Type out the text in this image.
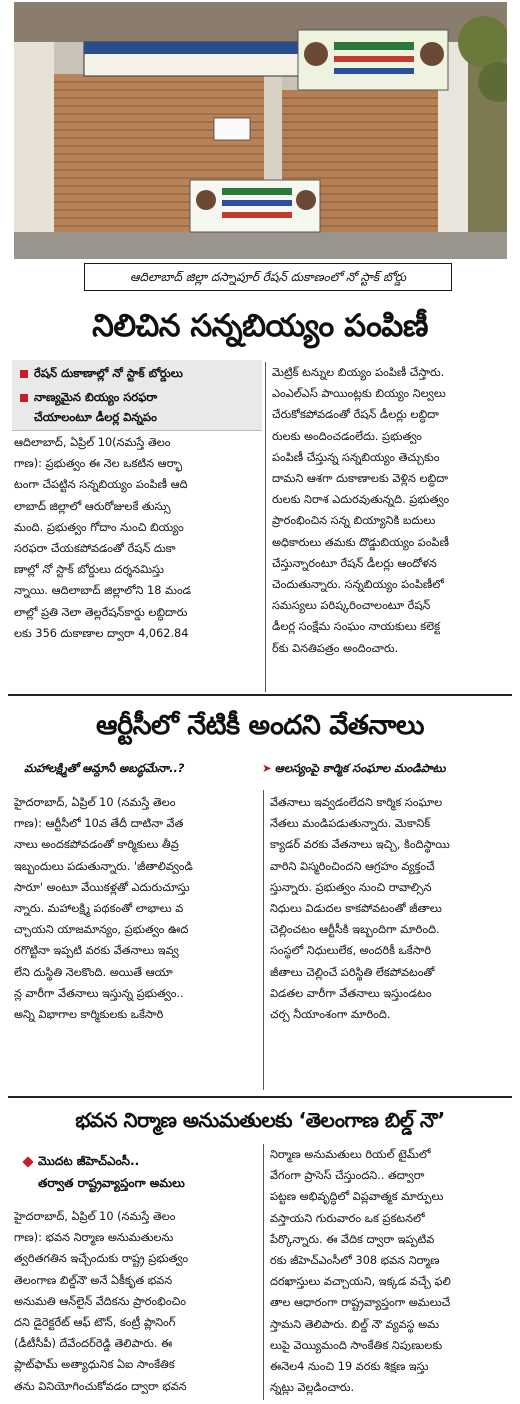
ఆదిలాబాద్ జిల్లా దస్నాపూర్ రేషన్ దుకాణంలో నో స్టాక్ బోర్డు
నిలిచిన సన్నబియ్యం పంపిణీ
రేషన్ దుకాణాల్లో నో స్టాక్ బోర్డులు
నాణ్యమైన బియ్యం సరఫరా
చేయాలంటూ డీలర్ల విన్నపం

ఆదిలాబాద్, ఏప్రిల్ 10(నమస్తే తెలం

గాణ): ప్రభుత్వం ఈ నెల ఒకటిన ఆర్భా

టంగా చేపట్టిన సన్నబియ్యం పంపిణీ ఆది

లాబాద్ జిల్లాలో ఆరురోజులకే తుస్సు

మంది. ప్రభుత్వం గోదాం నుంచి బియ్యం

సరఫరా చేయకపోవడంతో రేషన్ దుకా

ణాల్లో నో స్టాక్ బోర్డులు దర్శనమిస్తు

న్నాయి. ఆదిలాబాద్ జిల్లాలోని 18 మండ

లాల్లో ప్రతి నెలా తెల్లరేషన్‌కార్డు లబ్ధిదారు

లకు 356 దుకాణాల ద్వారా 4,062.84

మెట్రిక్ టన్నుల బియ్యం పంపిణీ చేస్తారు.

ఎంఎల్‌ఎస్ పాయింట్లకు బియ్యం నిల్వలు

చేరుకోకపోవడంతో రేషన్ డీలర్లు లబ్ధిదా

రులకు అందించడంలేదు. ప్రభుత్వం

పంపిణీ చేస్తున్న సన్నబియ్యం తెచ్చుకుం

దామని ఆశగా దుకాణాలకు వెళ్లిన లబ్ధిదా

రులకు నిరాశ ఎదురవుతున్నది. ప్రభుత్వం

ప్రారంభించిన సన్న బియ్యానికి బదులు

అధికారులు తమకు దొడ్డుబియ్యం పంపిణీ

చేస్తున్నారంటూ రేషన్ డీలర్లు ఆందోళన

చెందుతున్నారు. సన్నబియ్యం పంపిణీలో

సమస్యలు పరిష్కరించాలంటూ రేషన్

డీలర్ల సంక్షేమ సంఘం నాయకులు కలెక్ట

ర్‌కు వినతిపత్రం అందించారు.

ఆర్టీసీలో నేటికీ అందని వేతనాలు
మహాలక్ష్మితో ఆమ్దానీ అబద్ధమేనా..?	➤ ఆలస్యంపై కార్మిక సంఘాల మండిపాటు

హైదరాబాద్, ఏప్రిల్ 10 (నమస్తే తెలం

గాణ): ఆర్టీసీలో 10వ తేదీ దాటినా వేత

నాలు అందకపోవడంతో కార్మికులు తీవ్ర

ఇబ్బందులు పడుతున్నారు. 'జీతాలివ్వండి

సారూ' అంటూ వేయికళ్లతో ఎదురుచూస్తు

న్నారు. మహాలక్ష్మి పథకంతో లాభాలు వ

చ్చాయని యాజమాన్యం, ప్రభుత్వం ఊద

రగొట్టినా ఇప్పటి వరకు వేతనాలు ఇవ్వ

లేని దుస్థితి నెలకొంది. అయితే ఆయా

న్ల వారీగా వేతనాలు ఇస్తున్న ప్రభుత్వం..

అన్ని విభాగాల కార్మికులకు ఒకేసారి

వేతనాలు ఇవ్వడంలేదని కార్మిక సంఘాల

నేతలు మండిపడుతున్నారు. మెకానిక్

క్యాడర్ వరకు వేతనాలు ఇచ్చి, కిందిస్థాయి

వారిని విస్మరించిందని ఆగ్రహం వ్యక్తంచే

స్తున్నారు. ప్రభుత్వం నుంచి రావాల్సిన

నిధులు విడుదల కాకపోవటంతో జీతాలు

చెల్లించటం ఆర్టీసీకి ఇబ్బందిగా మారింది.

సంస్థలో నిధులులేక, అందరికీ ఒకేసారి

జీతాలు చెల్లించే పరిస్థితి లేకపోవటంతో

విడతల వారీగా వేతనాలు ఇస్తుండటం

చర్చ నీయాంశంగా మారింది.

భవన నిర్మాణ అనుమతులకు ‘తెలంగాణ బిల్డ్ నౌ’
మొదట జీహెచ్‌ఎంసీ..
తర్వాత రాష్ట్రవ్యాప్తంగా అమలు

హైదరాబాద్, ఏప్రిల్ 10 (నమస్తే తెలం

గాణ): భవన నిర్మాణ అనుమతులను

త్వరితగతిన ఇచ్చేందుకు రాష్ట్ర ప్రభుత్వం

తెలంగాణ బిల్డ్‌నౌ అనే ఏకీకృత భవన

అనుమతి ఆన్‌లైన్ వేదికను ప్రారంభించిం

దని డైరెక్టరేట్ ఆఫ్ టౌన్, కంట్రీ ప్లానింగ్

(డీటీసీపీ) దేవేందర్‌రెడ్డి తెలిపారు. ఈ

ప్లాట్‌ఫామ్ అత్యాధునిక ఏఐ సాంకేతిక

తను వినియోగించుకోవడం ద్వారా భవన

నిర్మాణ అనుమతులు రియల్ టైమ్‌లో

వేగంగా ప్రాసెస్ చేస్తుందని.. తద్వారా

పట్టణ అభివృద్ధిలో విప్లవాత్మక మార్పులు

వస్తాయని గురువారం ఒక ప్రకటనలో

పేర్కొన్నారు. ఈ వేదిక ద్వారా ఇప్పటివ

రకు జీహెచ్‌ఎంసీలో 308 భవన నిర్మాణ

దరఖాస్తులు వచ్చాయని, ఇక్కడ వచ్చే ఫలి

తాల ఆధారంగా రాష్ట్రవ్యాప్తంగా అమలుచే

స్తామని తెలిపారు. బిల్డ్ నౌ వ్యవస్థ అమ

లుపై వెయ్యిమంది సాంకేతిక నిపుణులకు

ఈనెల4 నుంచి 19 వరకు శిక్షణ ఇస్తు

న్నట్లు వెల్లడించారు.
